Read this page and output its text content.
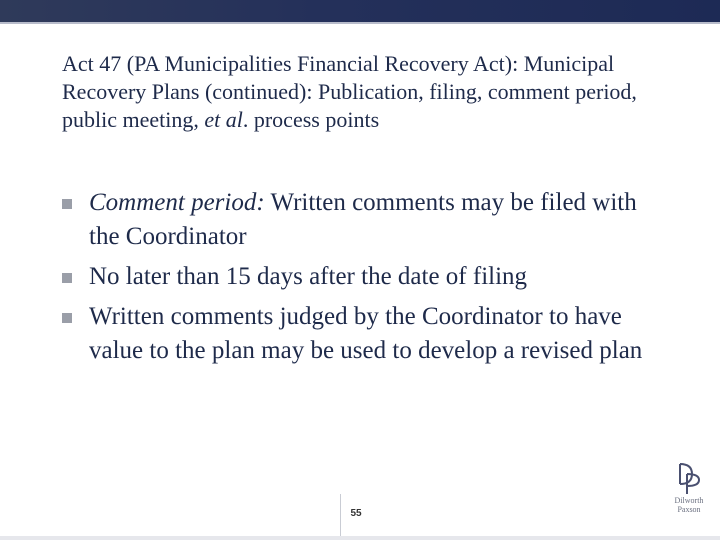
Act 47 (PA Municipalities Financial Recovery Act): Municipal Recovery Plans (continued): Publication, filing, comment period, public meeting, et al. process points
Comment period: Written comments may be filed with the Coordinator
No later than 15 days after the date of filing
Written comments judged by the Coordinator to have value to the plan may be used to develop a revised plan
55
Dilworth
Paxson
